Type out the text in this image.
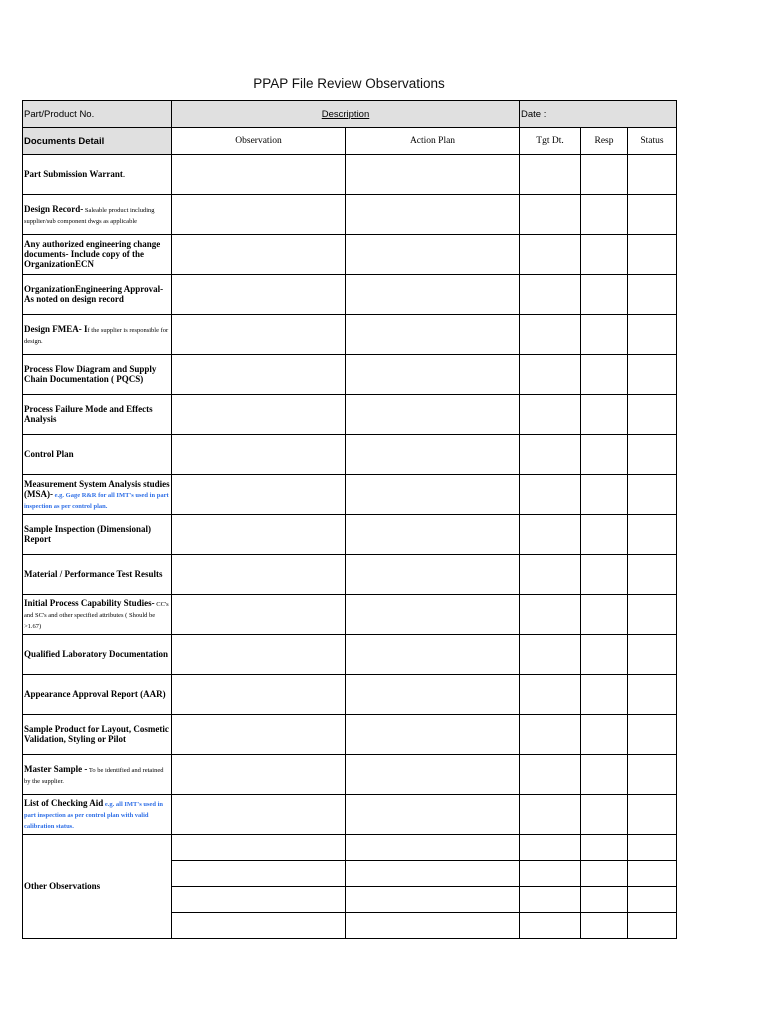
PPAP File Review Observations
Part/Product No.	Description		Date :		
Documents Detail	Observation	Action Plan	Tgt Dt.	Resp	Status
Part Submission Warrant.					
Design Record- Saleable product including supplier/sub component dwgs as applicable					
Any authorized engineering change documents- Include copy of the OrganizationECN					
OrganizationEngineering Approval- As noted on design record					
Design FMEA- If the supplier is responsible for design.					
Process Flow Diagram and Supply Chain Documentation ( PQCS)					
Process Failure Mode and Effects Analysis					
Control Plan					
Measurement System Analysis studies (MSA)- e.g. Gage R&R for all IMT's used in part inspection as per control plan.					
Sample Inspection (Dimensional) Report					
Material / Performance Test Results					
Initial Process Capability Studies- CC's and SC's and other specified attributes ( Should be >1.67)					
Qualified Laboratory Documentation					
Appearance Approval Report (AAR)					
Sample Product for Layout, Cosmetic Validation, Styling or Pilot					
Master Sample - To be identified and retained by the supplier.					
List of Checking Aid e.g. all IMT's used in part inspection as per control plan with valid calibration status.					
Other Observations					
